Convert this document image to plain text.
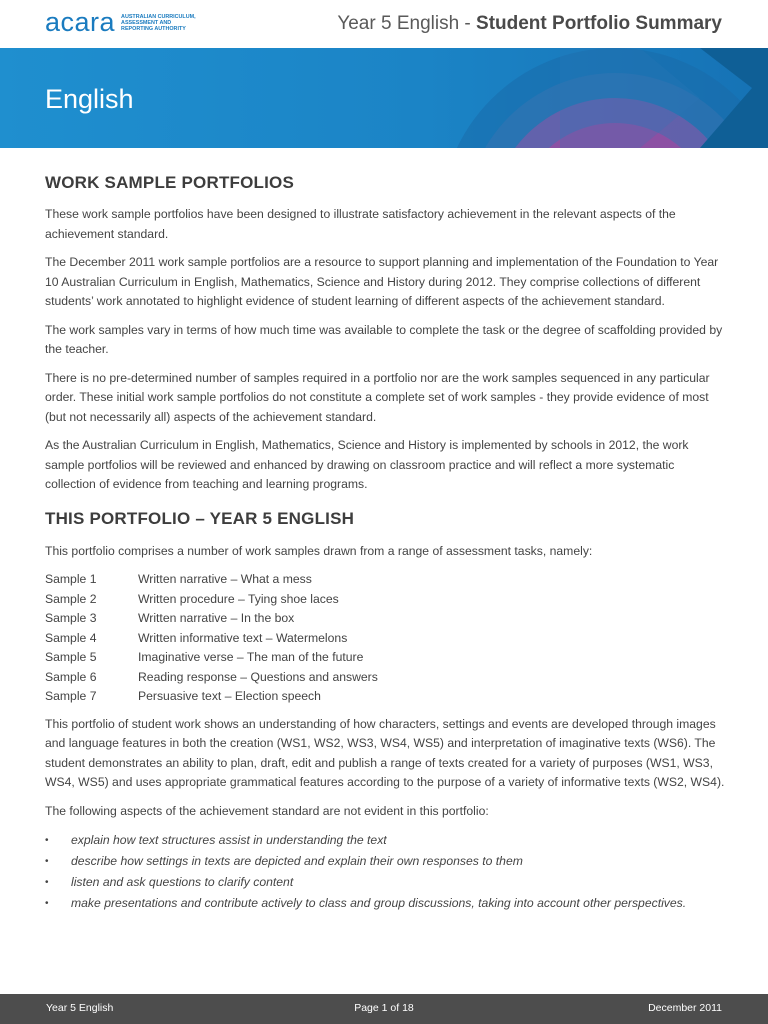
acara AUSTRALIAN CURRICULUM, ASSESSMENT AND REPORTING AUTHORITY	Year 5 English - Student Portfolio Summary
English
WORK SAMPLE PORTFOLIOS

These work sample portfolios have been designed to illustrate satisfactory achievement in the relevant aspects of the achievement standard.

The December 2011 work sample portfolios are a resource to support planning and implementation of the Foundation to Year 10 Australian Curriculum in English, Mathematics, Science and History during 2012. They comprise collections of different students’ work annotated to highlight evidence of student learning of different aspects of the achievement standard.

The work samples vary in terms of how much time was available to complete the task or the degree of scaffolding provided by the teacher.

There is no pre-determined number of samples required in a portfolio nor are the work samples sequenced in any particular order. These initial work sample portfolios do not constitute a complete set of work samples - they provide evidence of most (but not necessarily all) aspects of the achievement standard.

As the Australian Curriculum in English, Mathematics, Science and History is implemented by schools in 2012, the work sample portfolios will be reviewed and enhanced by drawing on classroom practice and will reflect a more systematic collection of evidence from teaching and learning programs.

THIS PORTFOLIO – YEAR 5 ENGLISH

This portfolio comprises a number of work samples drawn from a range of assessment tasks, namely:

Sample 1	Written narrative – What a mess
Sample 2	Written procedure – Tying shoe laces
Sample 3	Written narrative – In the box
Sample 4	Written informative text – Watermelons
Sample 5	Imaginative verse – The man of the future
Sample 6	Reading response – Questions and answers
Sample 7	Persuasive text – Election speech

This portfolio of student work shows an understanding of how characters, settings and events are developed through images and language features in both the creation (WS1, WS2, WS3, WS4, WS5) and interpretation of imaginative texts (WS6). The student demonstrates an ability to plan, draft, edit and publish a range of texts created for a variety of purposes (WS1, WS3, WS4, WS5) and uses appropriate grammatical features according to the purpose of a variety of informative texts (WS2, WS4).

The following aspects of the achievement standard are not evident in this portfolio:

•	explain how text structures assist in understanding the text
•	describe how settings in texts are depicted and explain their own responses to them
•	listen and ask questions to clarify content
•	make presentations and contribute actively to class and group discussions, taking into account other perspectives.
Year 5 English	Page 1 of 18	December 2011
